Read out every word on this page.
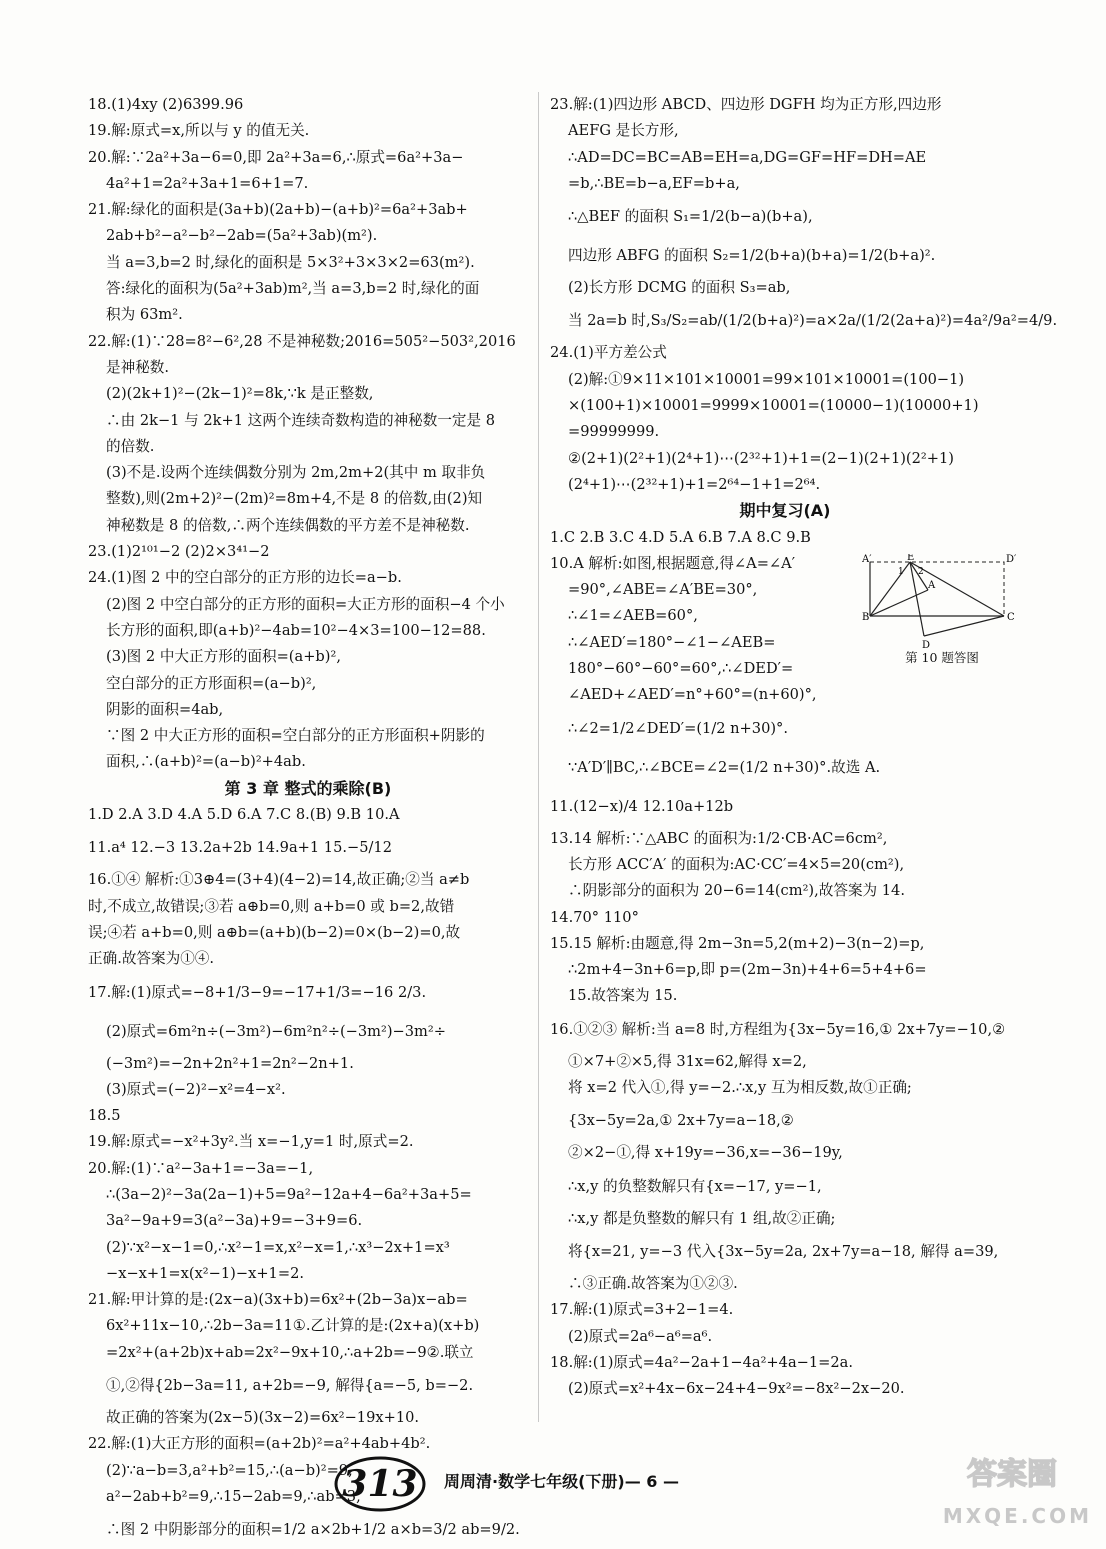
18.(1)4xy (2)6399.96
19.解:原式=x,所以与 y 的值无关.
20.解:∵2a²+3a−6=0,即 2a²+3a=6,∴原式=6a²+3a−
4a²+1=2a²+3a+1=6+1=7.
21.解:绿化的面积是(3a+b)(2a+b)−(a+b)²=6a²+3ab+
2ab+b²−a²−b²−2ab=(5a²+3ab)(m²).
当 a=3,b=2 时,绿化的面积是 5×3²+3×3×2=63(m²).
答:绿化的面积为(5a²+3ab)m²,当 a=3,b=2 时,绿化的面
积为 63m².
22.解:(1)∵28=8²−6²,28 不是神秘数;2016=505²−503²,2016
是神秘数.
(2)(2k+1)²−(2k−1)²=8k,∵k 是正整数,
∴由 2k−1 与 2k+1 这两个连续奇数构造的神秘数一定是 8
的倍数.
(3)不是.设两个连续偶数分别为 2m,2m+2(其中 m 取非负
整数),则(2m+2)²−(2m)²=8m+4,不是 8 的倍数,由(2)知
神秘数是 8 的倍数,∴两个连续偶数的平方差不是神秘数.
23.(1)2¹⁰¹−2 (2)2×3⁴¹−2
24.(1)图 2 中的空白部分的正方形的边长=a−b.
(2)图 2 中空白部分的正方形的面积=大正方形的面积−4 个小
长方形的面积,即(a+b)²−4ab=10²−4×3=100−12=88.
(3)图 2 中大正方形的面积=(a+b)²,
空白部分的正方形面积=(a−b)²,
阴影的面积=4ab,
∵图 2 中大正方形的面积=空白部分的正方形面积+阴影的
面积,∴(a+b)²=(a−b)²+4ab.
第 3 章 整式的乘除(B)
1.D 2.A 3.D 4.A 5.D 6.A 7.C 8.(B) 9.B 10.A
11.a⁴ 12.−3 13.2a+2b 14.9a+1 15.−5/12
16.①④ 解析:①3⊕4=(3+4)(4−2)=14,故正确;②当 a≠b
时,不成立,故错误;③若 a⊕b=0,则 a+b=0 或 b=2,故错
误;④若 a+b=0,则 a⊕b=(a+b)(b−2)=0×(b−2)=0,故
正确.故答案为①④.
17.解:(1)原式=−8+1/3−9=−17+1/3=−16 2/3.
(2)原式=6m²n÷(−3m²)−6m²n²÷(−3m²)−3m²÷
(−3m²)=−2n+2n²+1=2n²−2n+1.
(3)原式=(−2)²−x²=4−x².
18.5
19.解:原式=−x²+3y².当 x=−1,y=1 时,原式=2.
20.解:(1)∵a²−3a+1=−3a=−1,
∴(3a−2)²−3a(2a−1)+5=9a²−12a+4−6a²+3a+5=
3a²−9a+9=3(a²−3a)+9=−3+9=6.
(2)∵x²−x−1=0,∴x²−1=x,x²−x=1,∴x³−2x+1=x³
−x−x+1=x(x²−1)−x+1=2.
21.解:甲计算的是:(2x−a)(3x+b)=6x²+(2b−3a)x−ab=
6x²+11x−10,∴2b−3a=11①.乙计算的是:(2x+a)(x+b)
=2x²+(a+2b)x+ab=2x²−9x+10,∴a+2b=−9②.联立
①,②得{2b−3a=11, a+2b=−9, 解得{a=−5, b=−2.
故正确的答案为(2x−5)(3x−2)=6x²−19x+10.
22.解:(1)大正方形的面积=(a+2b)²=a²+4ab+4b².
(2)∵a−b=3,a²+b²=15,∴(a−b)²=9,
a²−2ab+b²=9,∴15−2ab=9,∴ab=3,
∴图 2 中阴影部分的面积=1/2 a×2b+1/2 a×b=3/2 ab=9/2.
23.解:(1)四边形 ABCD、四边形 DGFH 均为正方形,四边形
AEFG 是长方形,
∴AD=DC=BC=AB=EH=a,DG=GF=HF=DH=AE
=b,∴BE=b−a,EF=b+a,
∴△BEF 的面积 S₁=1/2(b−a)(b+a),
四边形 ABFG 的面积 S₂=1/2(b+a)(b+a)=1/2(b+a)².
(2)长方形 DCMG 的面积 S₃=ab,
当 2a=b 时,S₃/S₂=ab/(1/2(b+a)²)=a×2a/(1/2(2a+a)²)=4a²/9a²=4/9.
24.(1)平方差公式
(2)解:①9×11×101×10001=99×101×10001=(100−1)
×(100+1)×10001=9999×10001=(10000−1)(10000+1)
=99999999.
②(2+1)(2²+1)(2⁴+1)⋯(2³²+1)+1=(2−1)(2+1)(2²+1)
(2⁴+1)⋯(2³²+1)+1=2⁶⁴−1+1=2⁶⁴.
期中复习(A)
1.C 2.B 3.C 4.D 5.A 6.B 7.A 8.C 9.B
10.A 解析:如图,根据题意,得∠A=∠A′
=90°,∠ABE=∠A′BE=30°,
∴∠1=∠AEB=60°,
∴∠AED′=180°−∠1−∠AEB=
180°−60°−60°=60°,∴∠DED′=
∠AED+∠AED′=n°+60°=(n+60)°,
∴∠2=1/2∠DED′=(1/2 n+30)°.
∵A′D′∥BC,∴∠BCE=∠2=(1/2 n+30)°.故选 A.
11.(12−x)/4 12.10a+12b
13.14 解析:∵△ABC 的面积为:1/2·CB·AC=6cm²,
长方形 ACC′A′ 的面积为:AC·CC′=4×5=20(cm²),
∴阴影部分的面积为 20−6=14(cm²),故答案为 14.
14.70° 110°
15.15 解析:由题意,得 2m−3n=5,2(m+2)−3(n−2)=p,
∴2m+4−3n+6=p,即 p=(2m−3n)+4+6=5+4+6=
15.故答案为 15.
16.①②③ 解析:当 a=8 时,方程组为{3x−5y=16,① 2x+7y=−10,②
①×7+②×5,得 31x=62,解得 x=2,
将 x=2 代入①,得 y=−2.∴x,y 互为相反数,故①正确;
{3x−5y=2a,① 2x+7y=a−18,②
②×2−①,得 x+19y=−36,x=−36−19y,
∴x,y 的负整数解只有{x=−17, y=−1,
∴x,y 都是负整数的解只有 1 组,故②正确;
将{x=21, y=−3 代入{3x−5y=2a, 2x+7y=a−18, 解得 a=39,
∴③正确.故答案为①②③.
17.解:(1)原式=3+2−1=4.
(2)原式=2a⁶−a⁶=a⁶.
18.解:(1)原式=4a²−2a+1−4a²+4a−1=2a.
(2)原式=x²+4x−6x−24+4−9x²=−8x²−2x−20.
A′	E	D′
1 2
A
B	C
D
第 10 题答图
313 周周清·数学七年级(下册)— 6 —	答案圈
MXQE.COM
